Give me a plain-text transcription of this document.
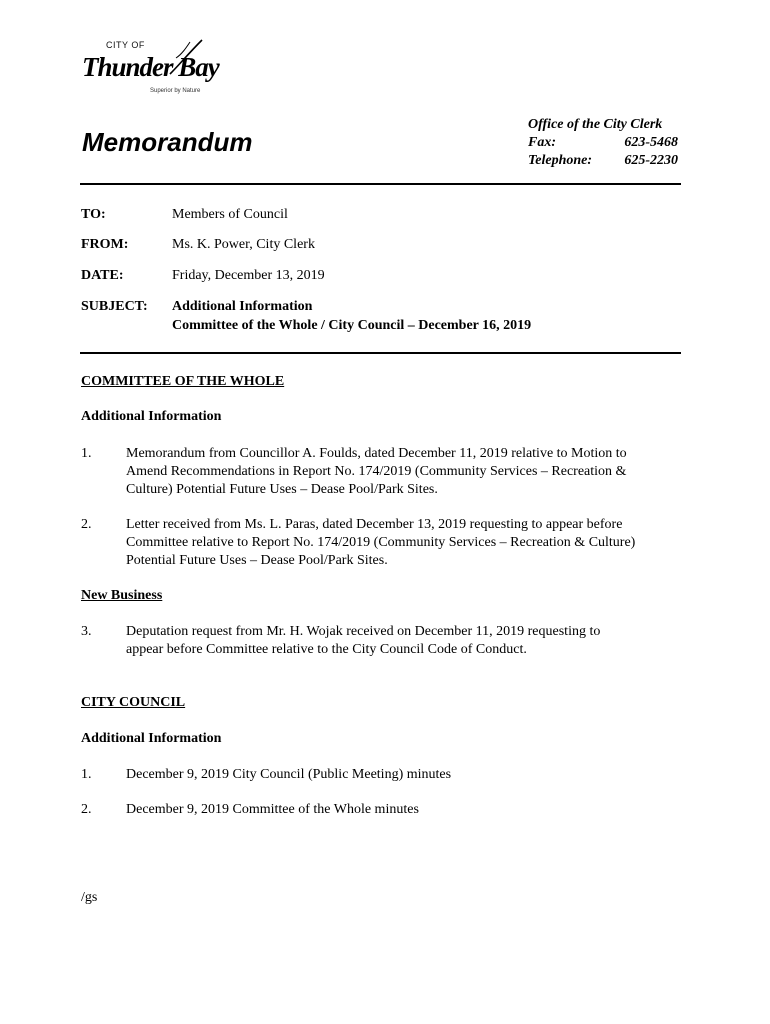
CITY OF
Thunder Bay
Superior by Nature
Memorandum
Office of the City Clerk
Fax:	623-5468
Telephone: 625-2230
TO:	Members of Council
FROM:	Ms. K. Power, City Clerk
DATE:	Friday, December 13, 2019
SUBJECT: Additional Information
Committee of the Whole / City Council – December 16, 2019
COMMITTEE OF THE WHOLE
Additional Information
1. Memorandum from Councillor A. Foulds, dated December 11, 2019 relative to Motion to
Amend Recommendations in Report No. 174/2019 (Community Services – Recreation &
Culture) Potential Future Uses – Dease Pool/Park Sites.
2. Letter received from Ms. L. Paras, dated December 13, 2019 requesting to appear before
Committee relative to Report No. 174/2019 (Community Services – Recreation & Culture)
Potential Future Uses – Dease Pool/Park Sites.
New Business
3. Deputation request from Mr. H. Wojak received on December 11, 2019 requesting to
appear before Committee relative to the City Council Code of Conduct.
CITY COUNCIL
Additional Information
1. December 9, 2019 City Council (Public Meeting) minutes
2. December 9, 2019 Committee of the Whole minutes
/gs
